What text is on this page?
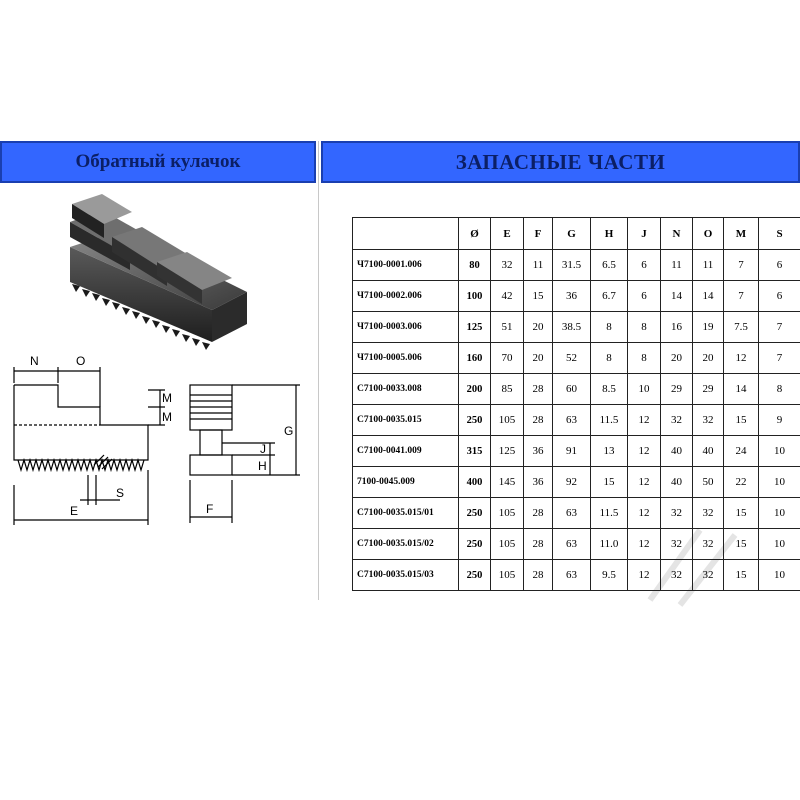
Обратный кулачок	ЗАПАСНЫЕ ЧАСТИ
N	O
M
M
E
S
F
H
J
G
	Ø	E	F	G	H	J	N	O	M	S
Ч7100-0001.006	80	32	11	31.5	6.5	6	11	11	7	6
Ч7100-0002.006	100	42	15	36	6.7	6	14	14	7	6
Ч7100-0003.006	125	51	20	38.5	8	8	16	19	7.5	7
Ч7100-0005.006	160	70	20	52	8	8	20	20	12	7
С7100-0033.008	200	85	28	60	8.5	10	29	29	14	8
С7100-0035.015	250	105	28	63	11.5	12	32	32	15	9
С7100-0041.009	315	125	36	91	13	12	40	40	24	10
7100-0045.009	400	145	36	92	15	12	40	50	22	10
С7100-0035.015/01	250	105	28	63	11.5	12	32	32	15	10
С7100-0035.015/02	250	105	28	63	11.0	12	32	32	15	10
С7100-0035.015/03	250	105	28	63	9.5	12	32	32	15	10
